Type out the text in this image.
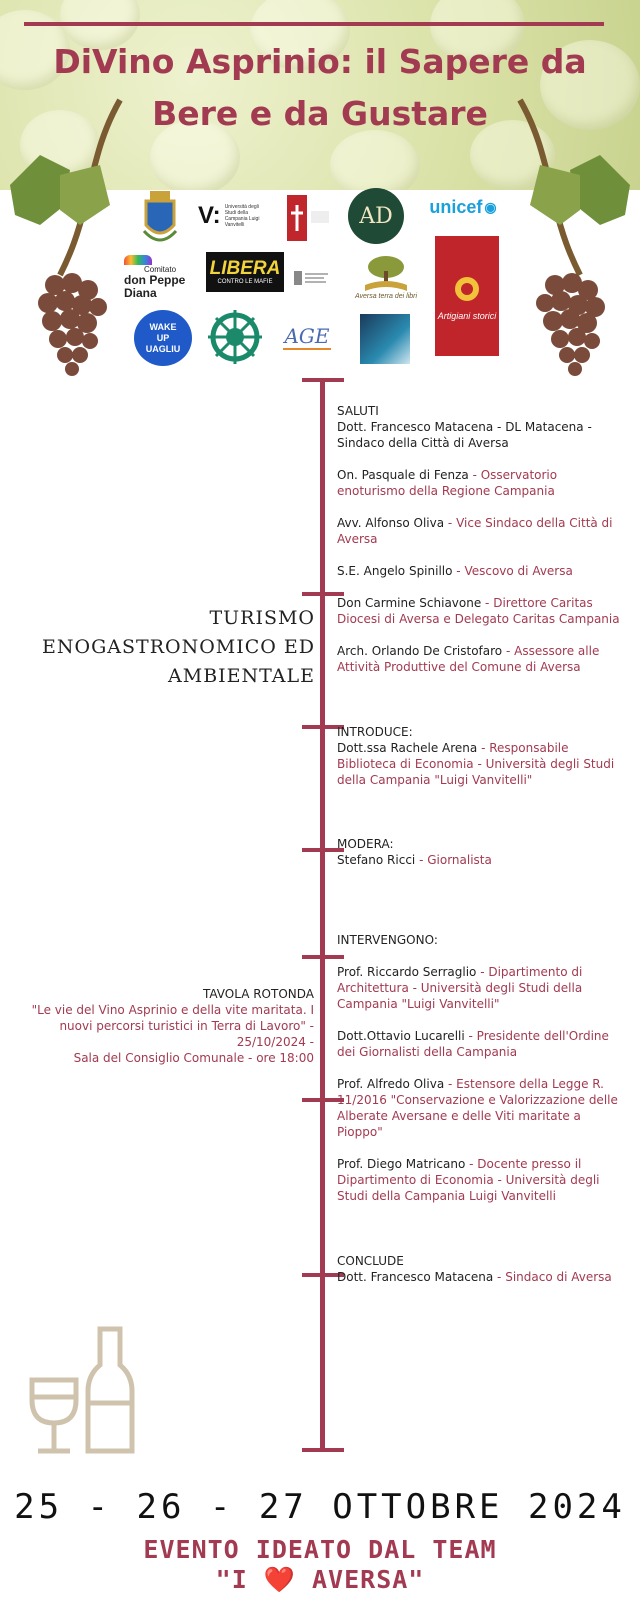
DiVino Asprinio: il Sapere da
Bere e da Gustare
V: Università degli Studi della Campania Luigi Vanvitelli	AD	unicef ◉
Comitato
don Peppe Diana
LIBERA
CONTRO LE MAFIE
Aversa terra dei libri
WAKE UP UAGLIU
AGE
Artigiani storici
TURISMO
ENOGASTRONOMICO ED
AMBIENTALE
TAVOLA ROTONDA
"Le vie del Vino Asprinio e della vite maritata. I
nuovi percorsi turistici in Terra di Lavoro" -
25/10/2024 -
Sala del Consiglio Comunale - ore 18:00
SALUTI
Dott. Francesco Matacena - DL Matacena -
Sindaco della Città di Aversa
On. Pasquale di Fenza - Osservatorio enoturismo della Regione Campania
Avv. Alfonso Oliva - Vice Sindaco della Città di Aversa
S.E. Angelo Spinillo - Vescovo di Aversa
Don Carmine Schiavone - Direttore Caritas Diocesi di Aversa e Delegato Caritas Campania
Arch. Orlando De Cristofaro - Assessore alle Attività Produttive del Comune di Aversa
INTRODUCE:
Dott.ssa Rachele Arena - Responsabile Biblioteca di Economia - Università degli Studi della Campania "Luigi Vanvitelli"
MODERA:
Stefano Ricci - Giornalista
INTERVENGONO:
Prof. Riccardo Serraglio - Dipartimento di Architettura - Università degli Studi della Campania "Luigi Vanvitelli"
Dott.Ottavio Lucarelli - Presidente dell'Ordine dei Giornalisti della Campania
Prof. Alfredo Oliva - Estensore della Legge R. 11/2016 "Conservazione e Valorizzazione delle Alberate Aversane e delle Viti maritate a Pioppo"
Prof. Diego Matricano - Docente presso il Dipartimento di Economia - Università degli Studi della Campania Luigi Vanvitelli
CONCLUDE
Dott. Francesco Matacena - Sindaco di Aversa
25 - 26 - 27 OTTOBRE 2024
EVENTO IDEATO DAL TEAM
"I ❤️ AVERSA"
